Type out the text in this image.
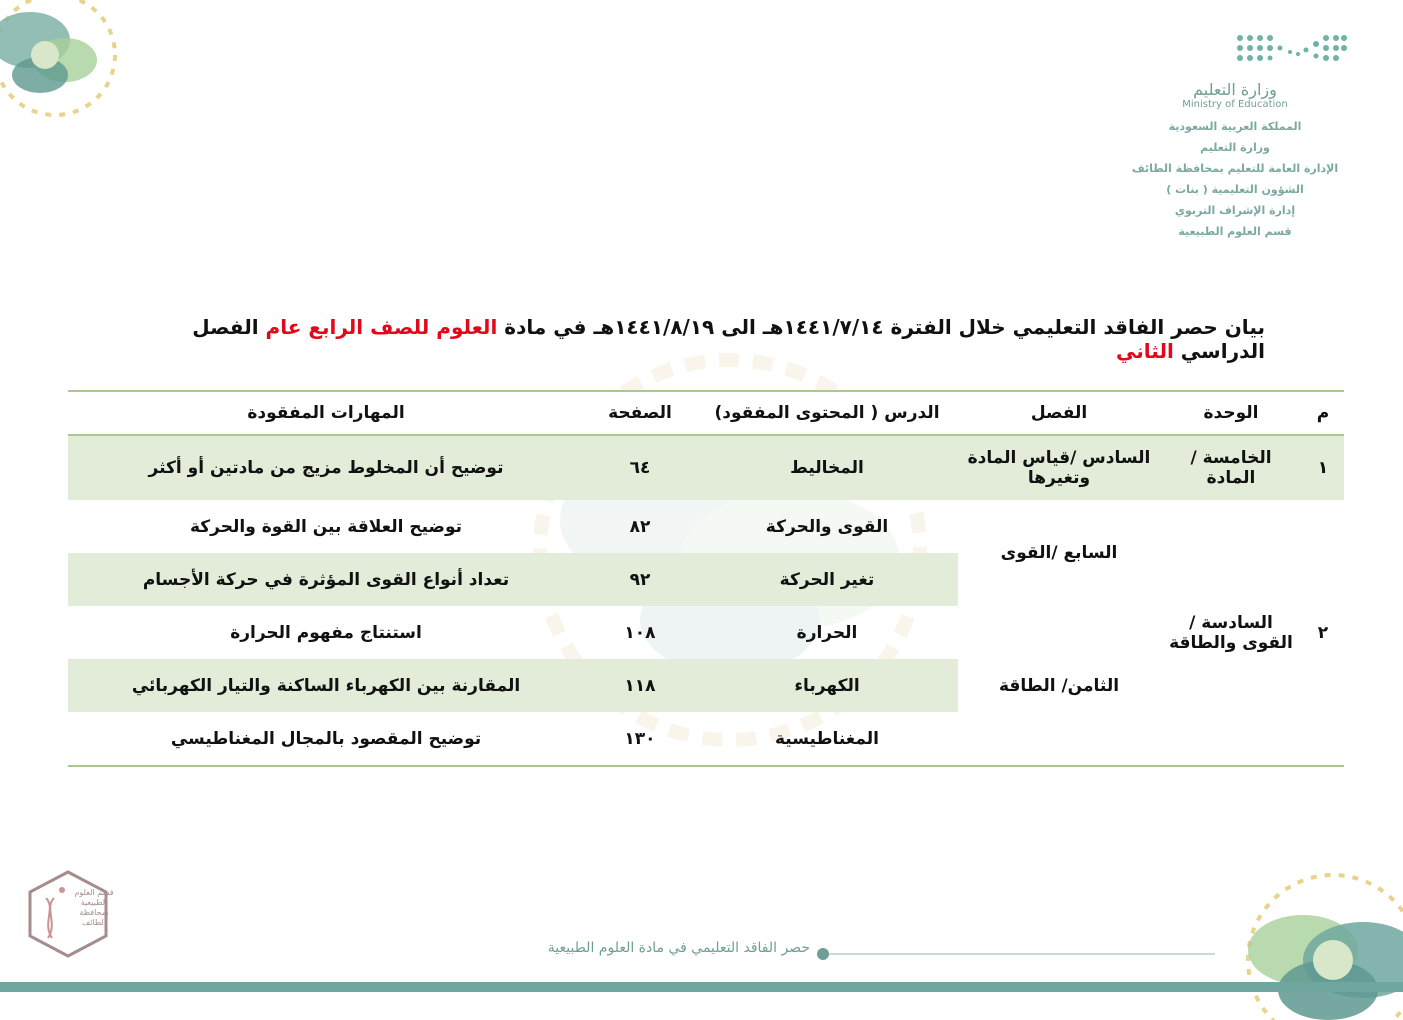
وزارة التعليم
Ministry of Education
المملكة العربية السعودية
وزارة التعليم
الإدارة العامة للتعليم بمحافظة الطائف
الشؤون التعليمية ( بنات )
إدارة الإشراف التربوي
قسم العلوم الطبيعية
بيان حصر الفاقد التعليمي خلال الفترة ١٤٤١/٧/١٤هـ الى ١٤٤١/٨/١٩هـ في مادة العلوم للصف الرابع عام الفصل الدراسي الثاني
م	الوحدة	الفصل	الدرس ( المحتوى المفقود)	الصفحة	المهارات المفقودة
١	الخامسة / المادة	السادس /قياس المادة وتغيرها	المخاليط	٦٤	توضيح أن المخلوط مزيج من مادتين أو أكثر
٢	السادسة / القوى والطاقة	السابع /القوى	القوى والحركة	٨٢	توضيح العلاقة بين القوة والحركة
			تغير الحركة	٩٢	تعداد أنواع القوى المؤثرة في حركة الأجسام
		الثامن/ الطاقة	الحرارة	١٠٨	استنتاج مفهوم الحرارة
			الكهرباء	١١٨	المقارنة بين الكهرباء الساكنة والتيار الكهربائي
			المغناطيسية	١٣٠	توضيح المقصود بالمجال المغناطيسي
قسم العلوم الطبيعية بمحافظة الطائف
حصر الفاقد التعليمي في مادة العلوم الطبيعية
